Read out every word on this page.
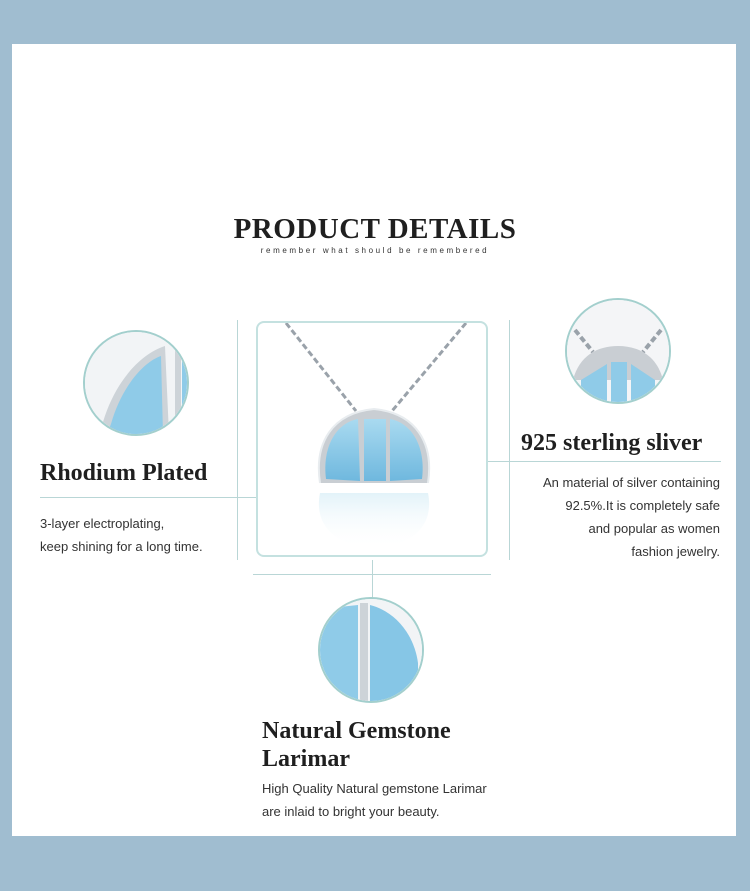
PRODUCT DETAILS
remember what should be remembered
Rhodium Plated
3-layer electroplating,
keep shining for a long time.
925 sterling sliver
An material of silver containing
92.5%.It is completely safe
and popular as women
fashion jewelry.
Natural Gemstone
Larimar
High Quality Natural gemstone Larimar
are inlaid to bright your beauty.
